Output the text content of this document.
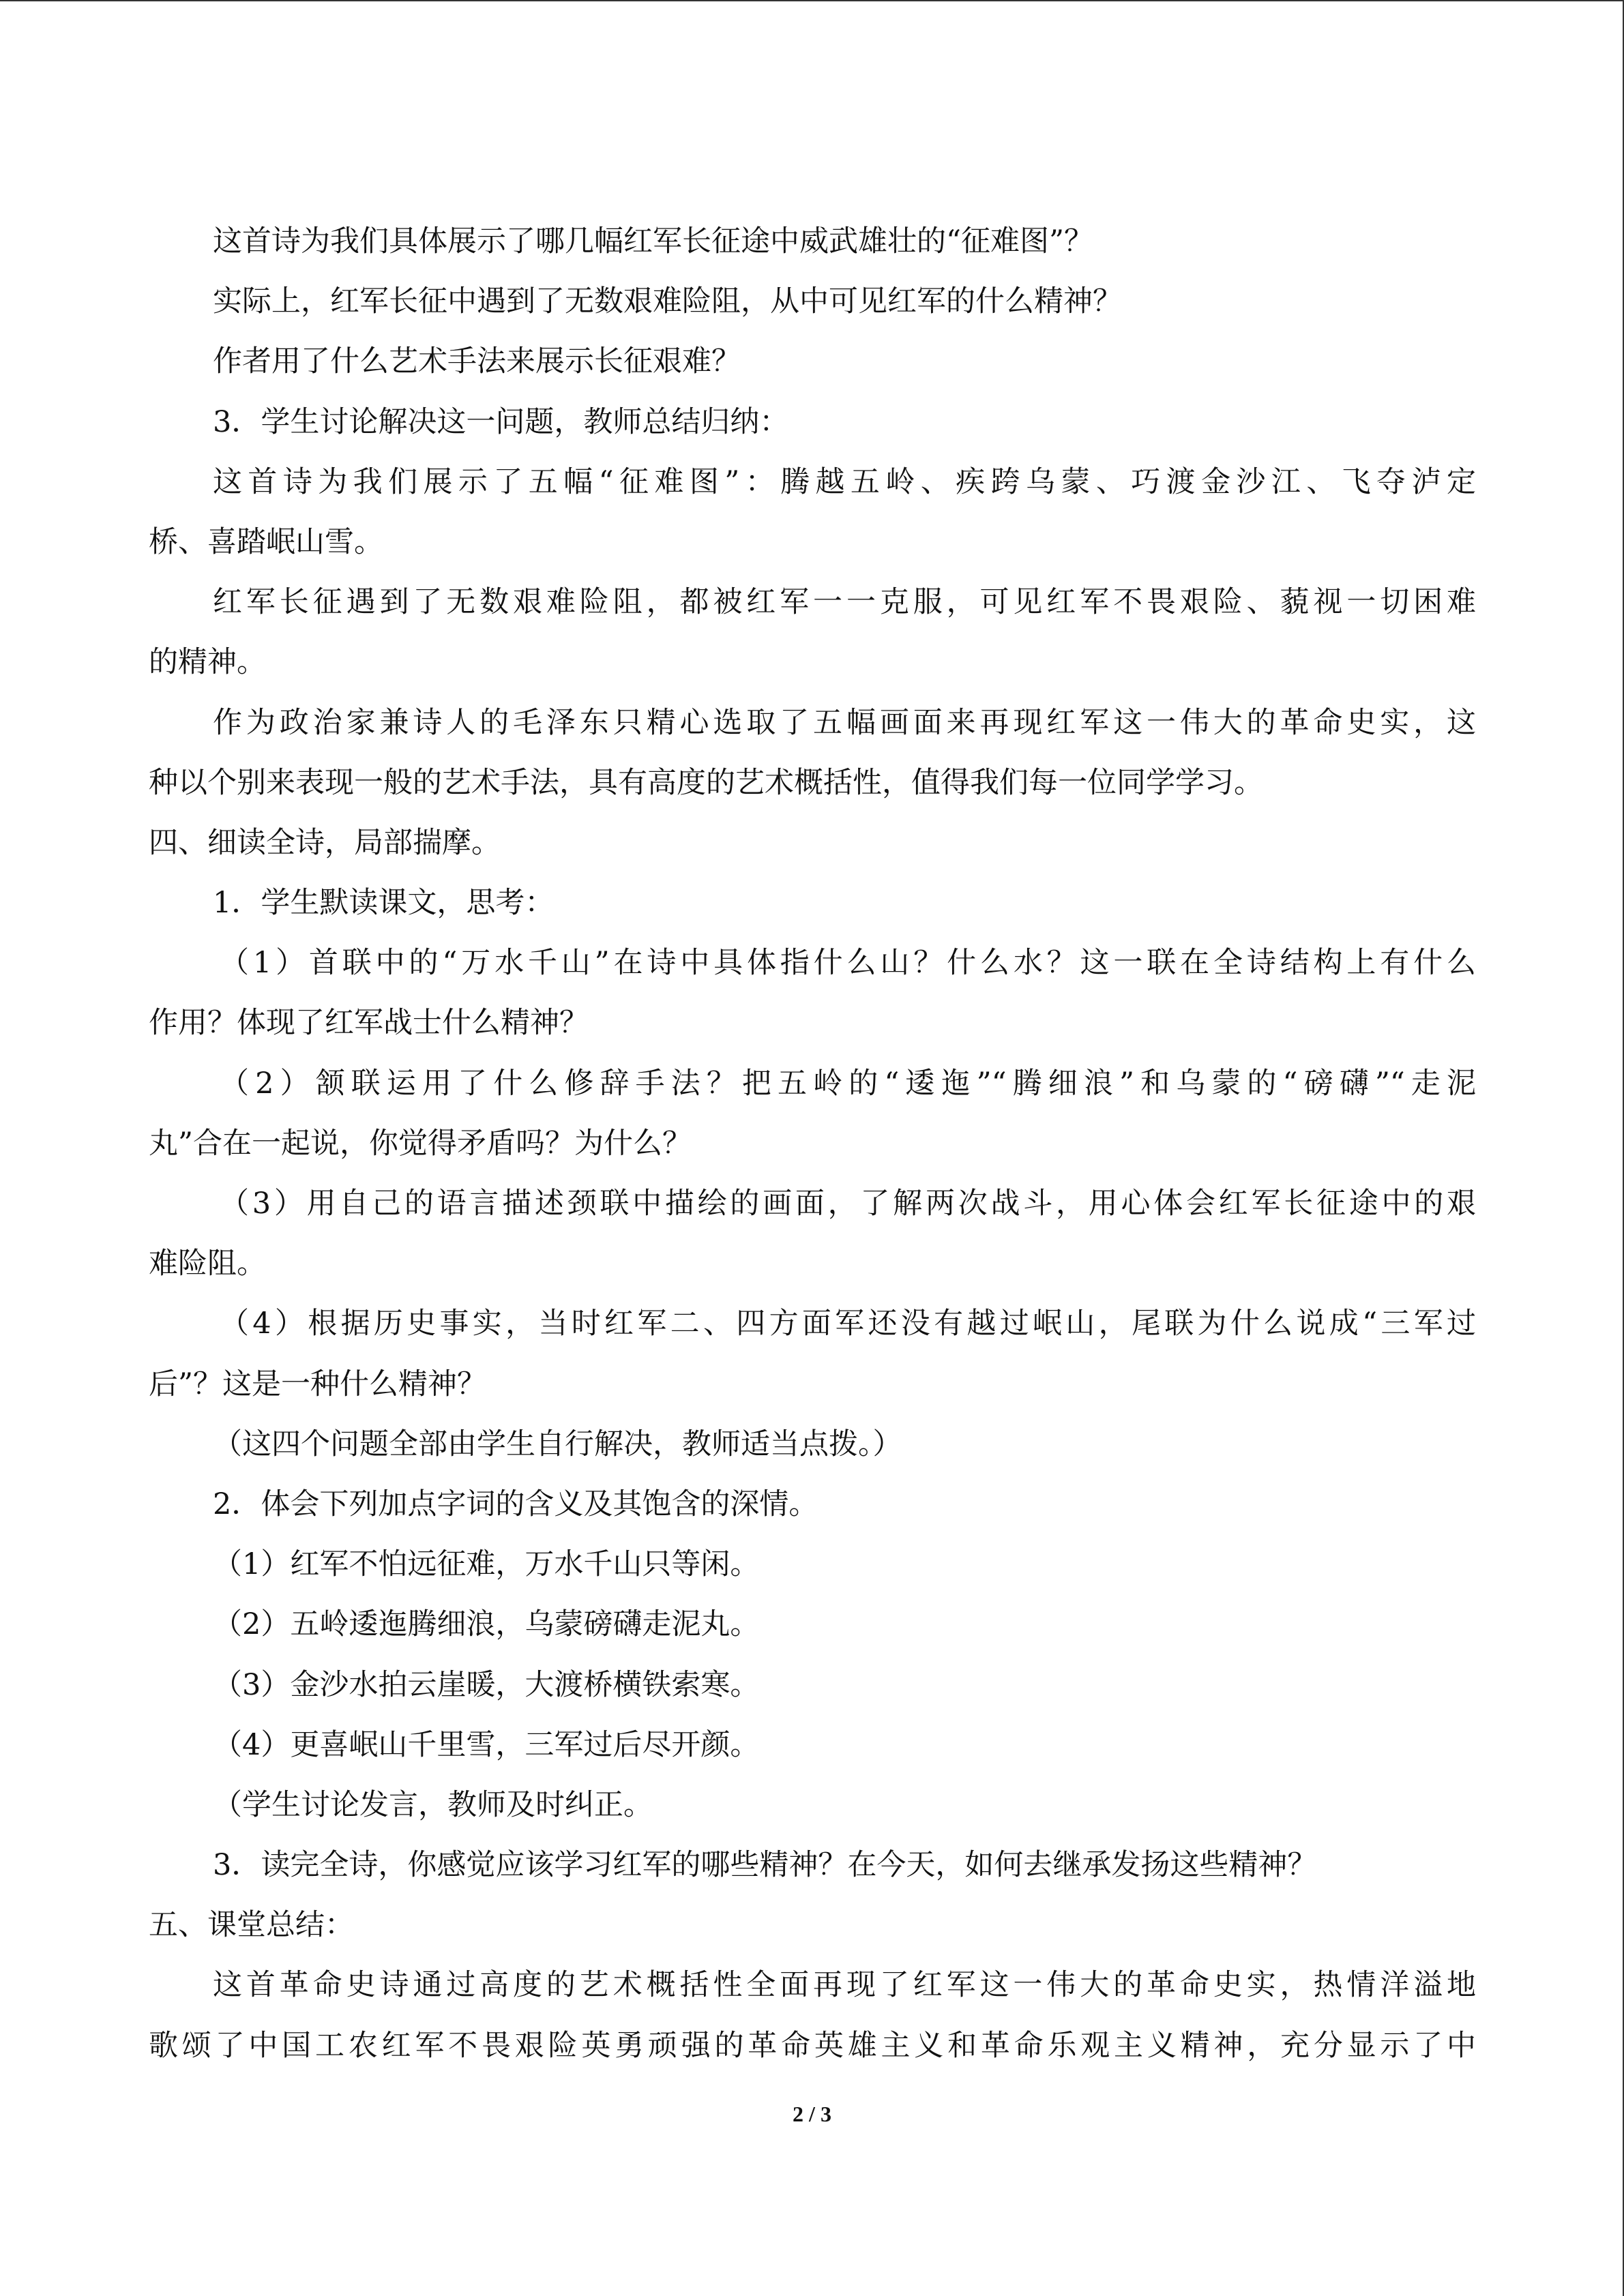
这首诗为我们具体展示了哪几幅红军长征途中威武雄壮的“征难图”？
实际上，红军长征中遇到了无数艰难险阻，从中可见红军的什么精神？
作者用了什么艺术手法来展示长征艰难？
3．学生讨论解决这一问题，教师总结归纳：
这首诗为我们展示了五幅“征难图”：腾越五岭、疾跨乌蒙、巧渡金沙江、飞夺泸定
桥、喜踏岷山雪。
红军长征遇到了无数艰难险阻，都被红军一一克服，可见红军不畏艰险、藐视一切困难
的精神。
作为政治家兼诗人的毛泽东只精心选取了五幅画面来再现红军这一伟大的革命史实，这
种以个别来表现一般的艺术手法，具有高度的艺术概括性，值得我们每一位同学学习。
四、细读全诗，局部揣摩。
1．学生默读课文，思考：
（1）首联中的“万水千山”在诗中具体指什么山？什么水？这一联在全诗结构上有什么
作用？体现了红军战士什么精神？
（2）颔联运用了什么修辞手法？把五岭的“逶迤”“腾细浪”和乌蒙的“磅礴”“走泥
丸”合在一起说，你觉得矛盾吗？为什么？
（3）用自己的语言描述颈联中描绘的画面，了解两次战斗，用心体会红军长征途中的艰
难险阻。
（4）根据历史事实，当时红军二、四方面军还没有越过岷山，尾联为什么说成“三军过
后”？这是一种什么精神？
（这四个问题全部由学生自行解决，教师适当点拨。）
2．体会下列加点字词的含义及其饱含的深情。
（1）红军不怕远征难，万水千山只等闲。
（2）五岭逶迤腾细浪，乌蒙磅礴走泥丸。
（3）金沙水拍云崖暖，大渡桥横铁索寒。
（4）更喜岷山千里雪，三军过后尽开颜。
（学生讨论发言，教师及时纠正。
3．读完全诗，你感觉应该学习红军的哪些精神？在今天，如何去继承发扬这些精神？
五、课堂总结：
这首革命史诗通过高度的艺术概括性全面再现了红军这一伟大的革命史实，热情洋溢地
歌颂了中国工农红军不畏艰险英勇顽强的革命英雄主义和革命乐观主义精神，充分显示了中
2 / 3
